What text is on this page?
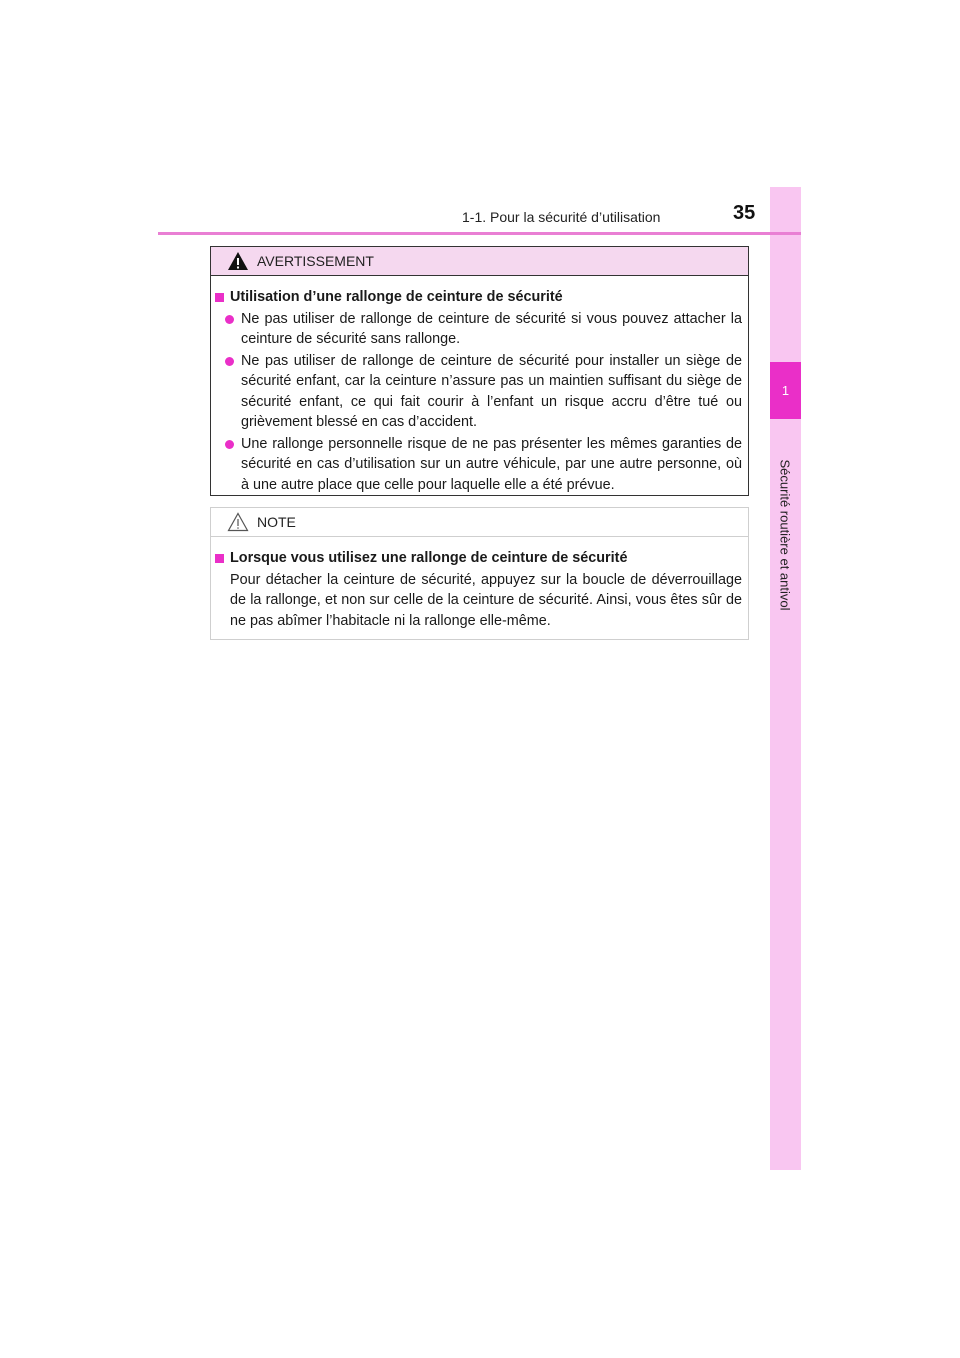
1
Sécurité routière et antivol
1-1. Pour la sécurité d’utilisation	35
AVERTISSEMENT
Utilisation d’une rallonge de ceinture de sécurité
Ne pas utiliser de rallonge de ceinture de sécurité si vous pouvez attacher la ceinture de sécurité sans rallonge.
Ne pas utiliser de rallonge de ceinture de sécurité pour installer un siège de sécurité enfant, car la ceinture n’assure pas un maintien suffisant du siège de sécurité enfant, ce qui fait courir à l’enfant un risque accru d’être tué ou grièvement blessé en cas d’accident.
Une rallonge personnelle risque de ne pas présenter les mêmes garanties de sécurité en cas d’utilisation sur un autre véhicule, par une autre personne, où à une autre place que celle pour laquelle elle a été prévue.
NOTE
Lorsque vous utilisez une rallonge de ceinture de sécurité
Pour détacher la ceinture de sécurité, appuyez sur la boucle de déverrouillage de la rallonge, et non sur celle de la ceinture de sécurité. Ainsi, vous êtes sûr de ne pas abîmer l’habitacle ni la rallonge elle-même.
